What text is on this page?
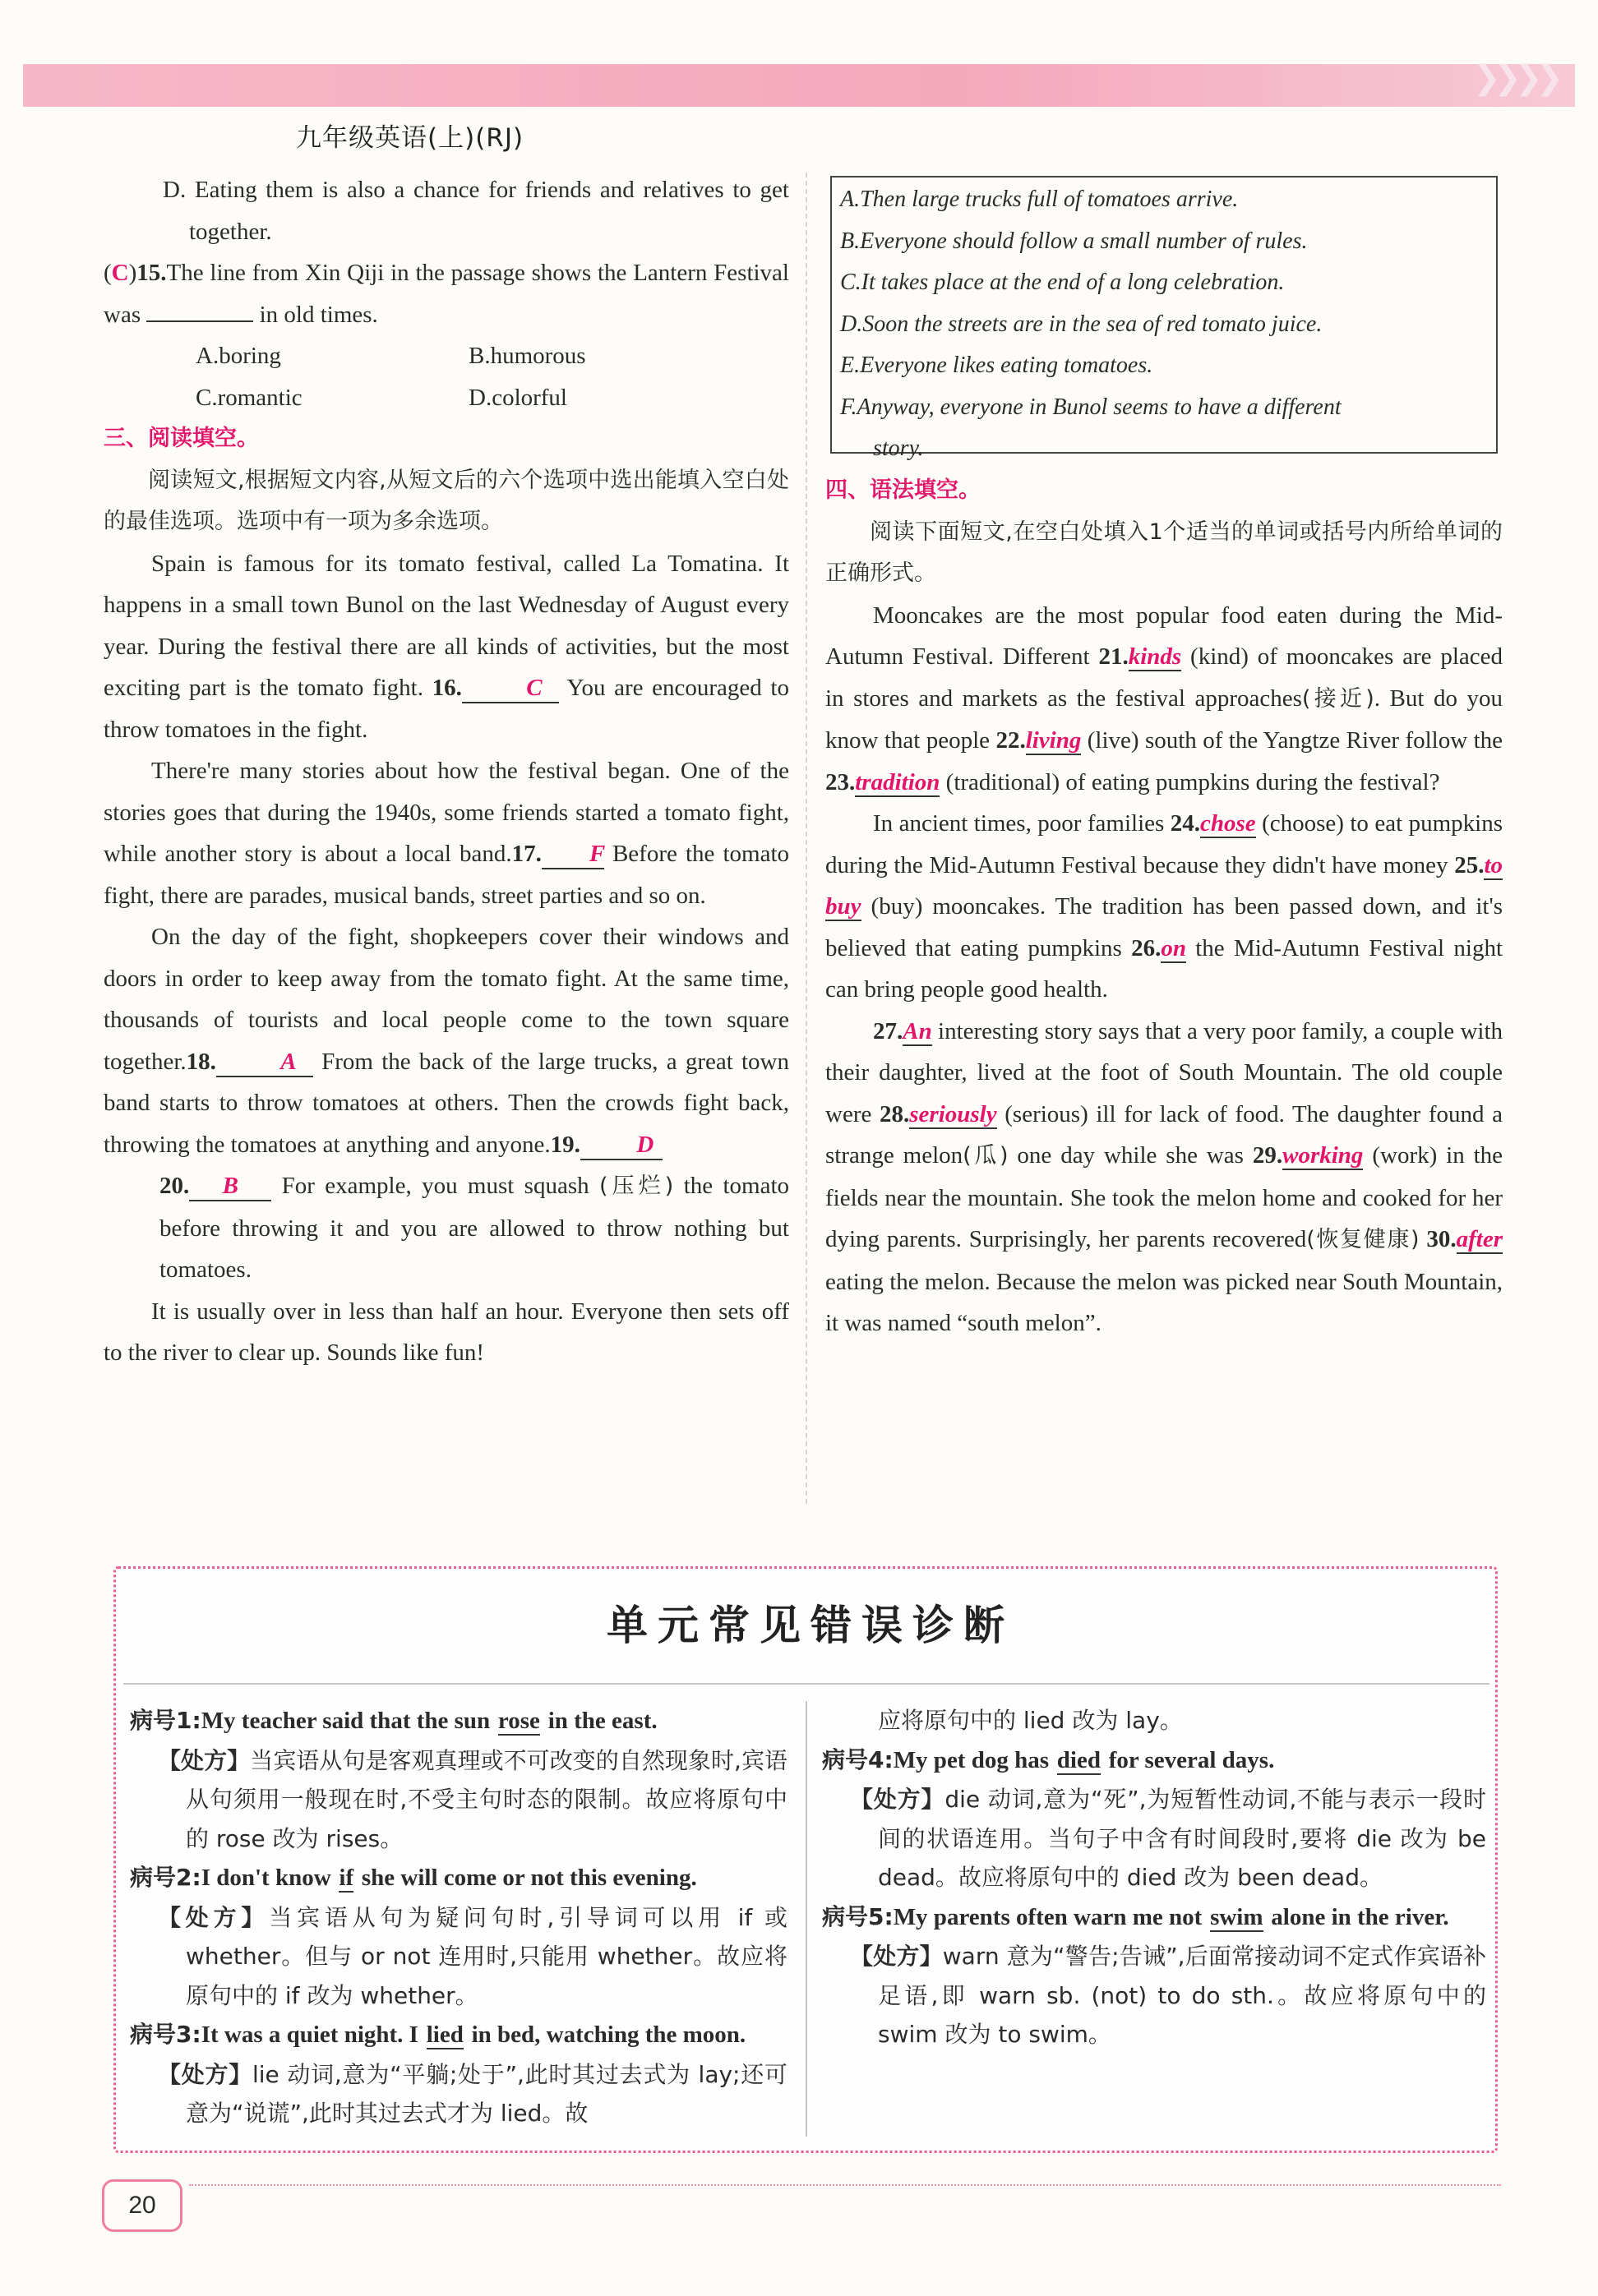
❯❯❯❯
九年级英语(上)(RJ)

D. Eating them is also a chance for friends and relatives to get together.

(C)15.The line from Xin Qiji in the passage shows the Lantern Festival was	in old times.

A.boring	B.humorous
C.romantic	D.colorful

三、阅读填空。

阅读短文,根据短文内容,从短文后的六个选项中选出能填入空白处的最佳选项。选项中有一项为多余选项。

Spain is famous for its tomato festival, called La Tomatina. It happens in a small town Bunol on the last Wednesday of August every year. During the festival there are all kinds of activities, but the most exciting part is the tomato fight. 16.	C You are encouraged to throw tomatoes in the fight.

There're many stories about how the festival began. One of the stories goes that during the 1940s, some friends started a tomato fight, while another story is about a local band.17. F Before the tomato fight, there are parades, musical bands, street parties and so on.

On the day of the fight, shopkeepers cover their windows and doors in order to keep away from the tomato fight. At the same time, thousands of tourists and local people come to the town square together.18.	A From the back of the large trucks, a great town band starts to throw tomatoes at others. Then the crowds fight back, throwing the tomatoes at anything and anyone.19. D

20. B For example, you must squash (压烂) the tomato before throwing it and you are allowed to throw nothing but tomatoes.

It is usually over in less than half an hour. Everyone then sets off to the river to clear up. Sounds like fun!

A.Then large trucks full of tomatoes arrive.

B.Everyone should follow a small number of rules.

C.It takes place at the end of a long celebration.

D.Soon the streets are in the sea of red tomato juice.

E.Everyone likes eating tomatoes.

F.Anyway, everyone in Bunol seems to have a different

story.

四、语法填空。

阅读下面短文,在空白处填入1个适当的单词或括号内所给单词的正确形式。

Mooncakes are the most popular food eaten during the Mid-Autumn Festival. Different 21.kinds (kind) of mooncakes are placed in stores and markets as the festival approaches(接近). But do you know that people 22.living (live) south of the Yangtze River follow the 23.tradition (traditional) of eating pumpkins during the festival?

In ancient times, poor families 24.chose (choose) to eat pumpkins during the Mid-Autumn Festival because they didn't have money 25.to buy (buy) mooncakes. The tradition has been passed down, and it's believed that eating pumpkins 26.on the Mid-Autumn Festival night can bring people good health.

27.An interesting story says that a very poor family, a couple with their daughter, lived at the foot of South Mountain. The old couple were 28.seriously (serious) ill for lack of food. The daughter found a strange melon(瓜) one day while she was 29.working (work) in the fields near the mountain. She took the melon home and cooked for her dying parents. Surprisingly, her parents recovered(恢复健康) 30.after eating the melon. Because the melon was picked near South Mountain, it was named “south melon”.

单元常见错误诊断

病号1:My teacher said that the sun rose in the east.

【处方】当宾语从句是客观真理或不可改变的自然现象时,宾语从句须用一般现在时,不受主句时态的限制。故应将原句中的 rose 改为 rises。

病号2:I don't know if she will come or not this evening.

【处方】当宾语从句为疑问句时,引导词可以用 if 或 whether。但与 or not 连用时,只能用 whether。故应将原句中的 if 改为 whether。

病号3:It was a quiet night. I lied in bed, watching the moon.

【处方】lie 动词,意为“平躺;处于”,此时其过去式为 lay;还可意为“说谎”,此时其过去式才为 lied。故

应将原句中的 lied 改为 lay。

病号4:My pet dog has died for several days.

【处方】die 动词,意为“死”,为短暂性动词,不能与表示一段时间的状语连用。当句子中含有时间段时,要将 die 改为 be dead。故应将原句中的 died 改为 been dead。

病号5:My parents often warn me not swim alone in the river.

【处方】warn 意为“警告;告诫”,后面常接动词不定式作宾语补足语,即 warn sb. (not) to do sth.。故应将原句中的 swim 改为 to swim。

20
